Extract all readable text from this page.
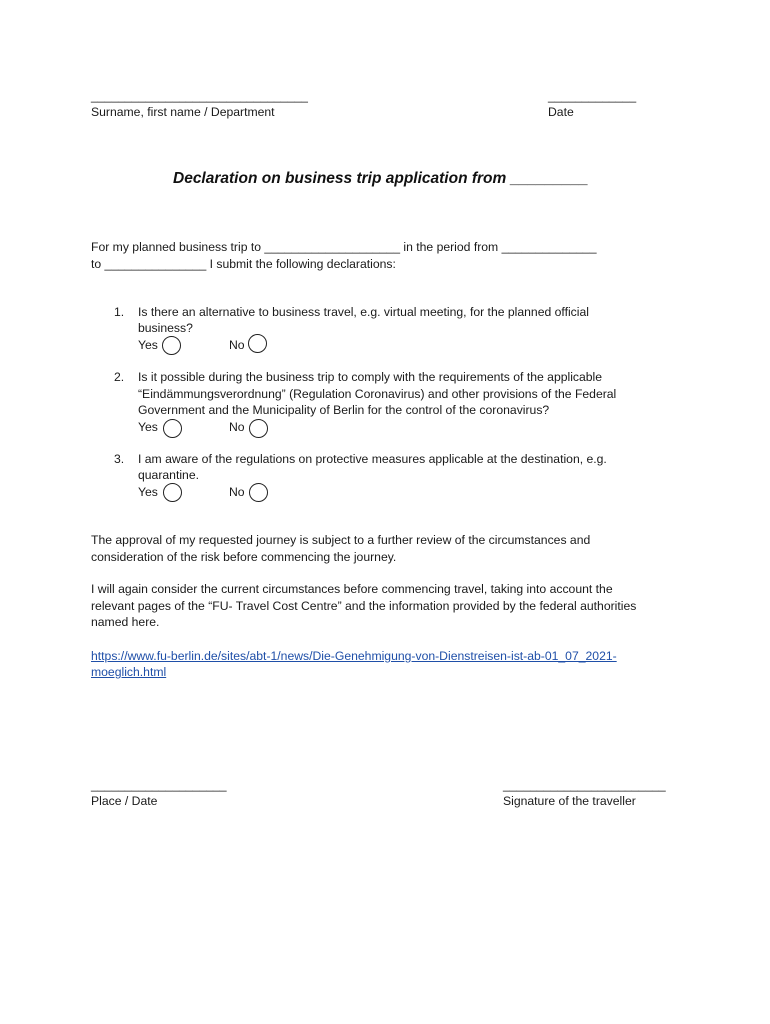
________________________________
Surname, first name / Department
_____________
Date
Declaration on business trip application from _________
For my planned business trip to ____________________ in the period from ______________
to _______________ I submit the following declarations:
1. Is there an alternative to business travel, e.g. virtual meeting, for the planned official
business?
Yes	No
2. Is it possible during the business trip to comply with the requirements of the applicable
“Eindämmungsverordnung” (Regulation Coronavirus) and other provisions of the Federal
Government and the Municipality of Berlin for the control of the coronavirus?
Yes	No
3. I am aware of the regulations on protective measures applicable at the destination, e.g.
quarantine.
Yes	No
The approval of my requested journey is subject to a further review of the circumstances and
consideration of the risk before commencing the journey.
I will again consider the current circumstances before commencing travel, taking into account the
relevant pages of the “FU- Travel Cost Centre” and the information provided by the federal authorities
named here.
https://www.fu-berlin.de/sites/abt-1/news/Die-Genehmigung-von-Dienstreisen-ist-ab-01_07_2021-
moeglich.html
____________________
Place / Date
________________________
Signature of the traveller
